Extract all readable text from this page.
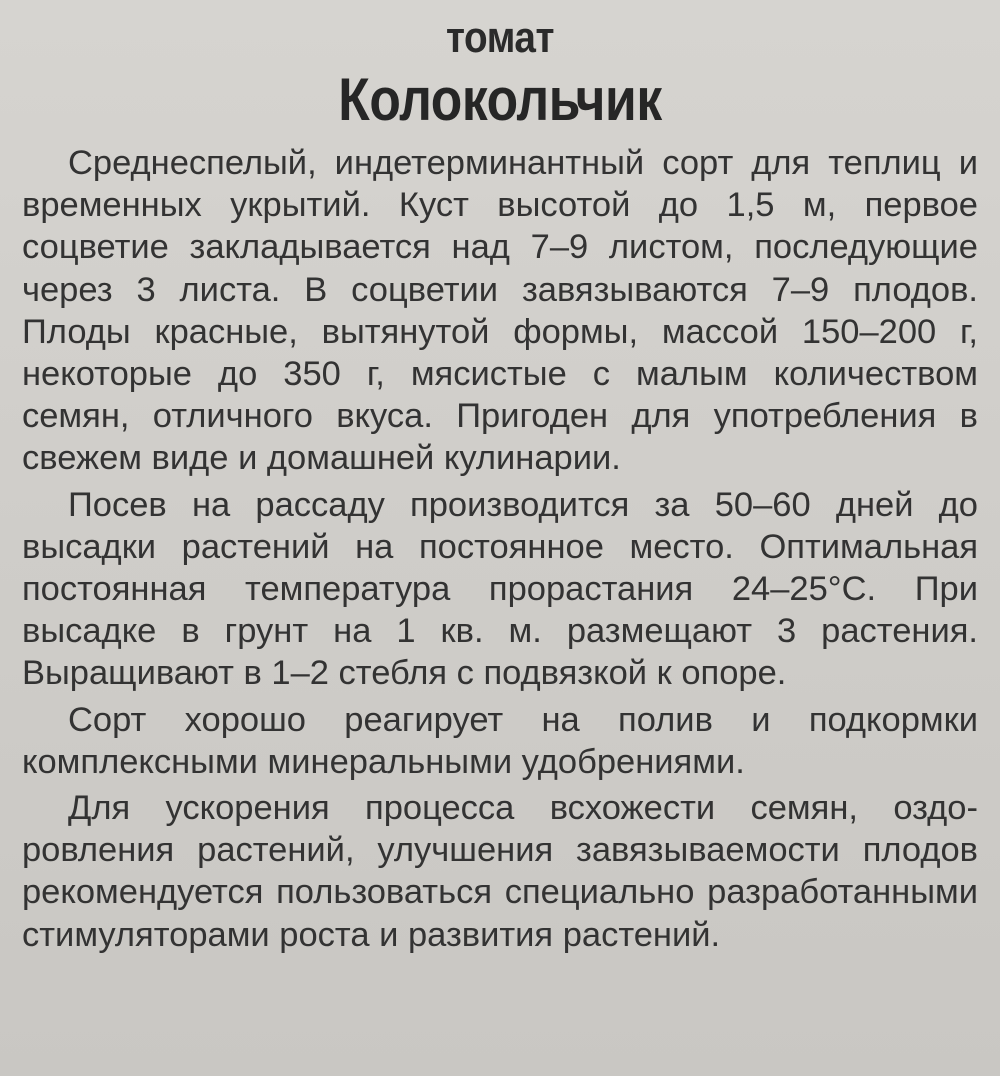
томат
Колокольчик

Среднеспелый, индетерминантный сорт для теплиц и временных укрытий. Куст высотой до 1,5 м, первое соцветие закладывается над 7–9 листом, последующие через 3 листа. В соцветии завязываются 7–9 плодов. Плоды красные, вытянутой формы, массой 150–200 г, некоторые до 350 г, мясистые с малым количеством семян, отличного вкуса. Пригоден для употребления в свежем виде и домашней кулинарии.

Посев на рассаду производится за 50–60 дней до высадки растений на постоянное место. Оптимальная постоянная температура прорастания 24–25°С. При высадке в грунт на 1 кв. м. размещают 3 растения. Выращивают в 1–2 стебля с подвязкой к опоре.

Сорт хорошо реагирует на полив и подкормки комплексными минеральными удобрениями.

Для ускорения процесса всхожести семян, оздоровления растений, улучшения завязываемости плодов рекомендуется пользоваться специально разработанными стимуляторами роста и развития растений.
